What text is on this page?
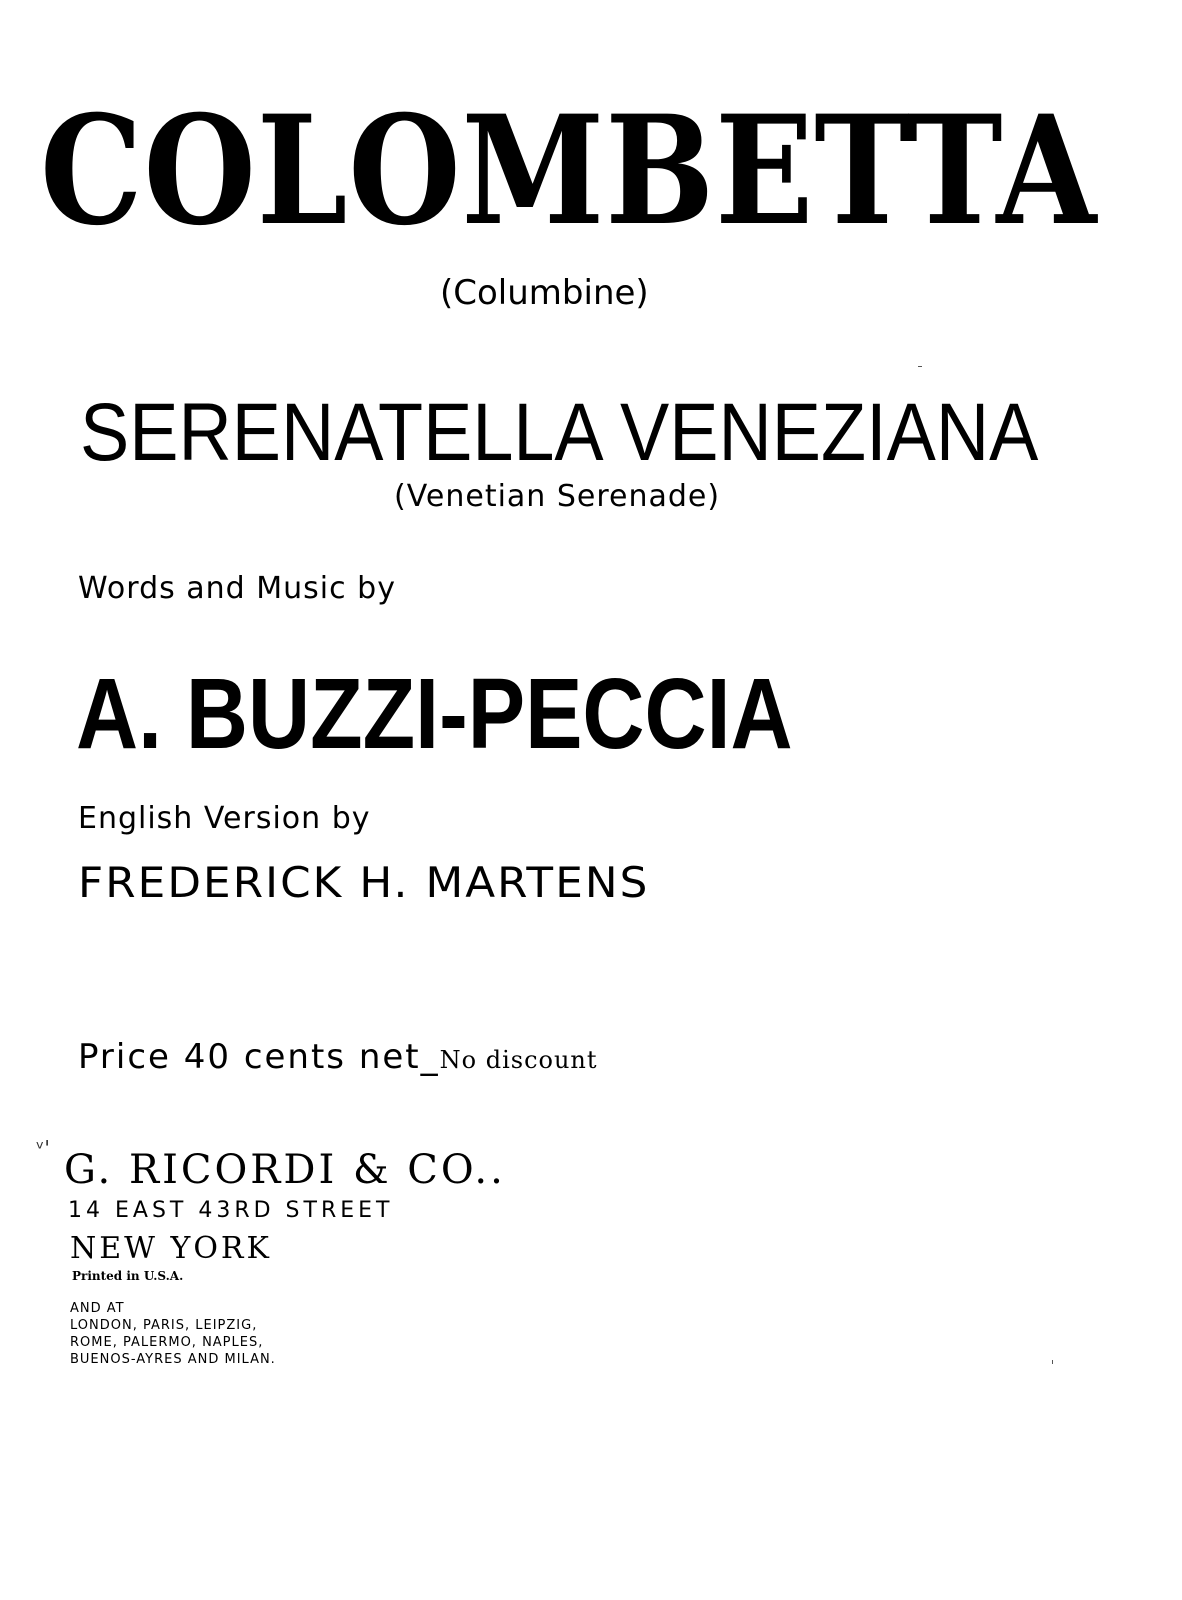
COLOMBETTA
(Columbine)
SERENATELLA VENEZIANA
(Venetian Serenade)
Words and Music by
A. BUZZI-PECCIA
English Version by
FREDERICK H. MARTENS
Price 40 cents net_No discount
ᵛ' G. RICORDI & CO..
14 EAST 43RD STREET
NEW YORK
Printed in U.S.A.
AND AT
LONDON, PARIS, LEIPZIG,
ROME, PALERMO, NAPLES,
BUENOS-AYRES AND MILAN.
